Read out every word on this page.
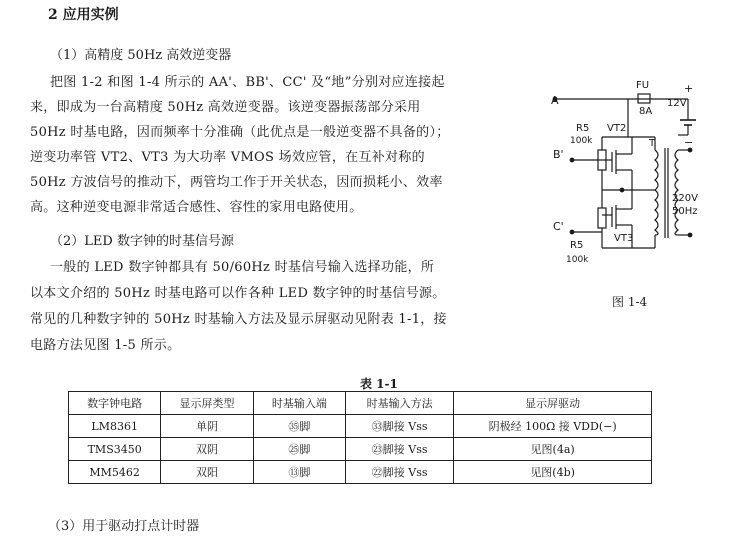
2 应用实例
（1）高精度 50Hz 高效逆变器
把图 1-2 和图 1-4 所示的 AA'、BB'、CC' 及“地”分别对应连接起
来，即成为一台高精度 50Hz 高效逆变器。该逆变器振荡部分采用
50Hz 时基电路，因而频率十分准确（此优点是一般逆变器不具备的）；
逆变功率管 VT2、VT3 为大功率 VMOS 场效应管，在互补对称的
50Hz 方波信号的推动下，两管均工作于开关状态，因而损耗小、效率
高。这种逆变电源非常适合感性、容性的家用电路使用。
（2）LED 数字钟的时基信号源
一般的 LED 数字钟都具有 50/60Hz 时基信号输入选择功能，所
以本文介绍的 50Hz 时基电路可以作各种 LED 数字钟的时基信号源。
常见的几种数字钟的 50Hz 时基输入方法及显示屏驱动见附表 1-1，接
电路方法见图 1-5 所示。
A
FU
8A
+
12V
−
R5
100k
VT2
T
B'
C'
220V
50Hz
VT3
R5
100k
图 1-4
表 1-1
数字钟电路	显示屏类型	时基输入端	时基输入方法	显示屏驱动
LM8361	单阴	㉟脚	㉝脚接 Vss	阴极经 100Ω 接 VDD(−)
TMS3450	双阴	㉕脚	㉓脚接 Vss	见图(4a)
MM5462	双阳	⑬脚	㉒脚接 Vss	见图(4b)
（3）用于驱动打点计时器
